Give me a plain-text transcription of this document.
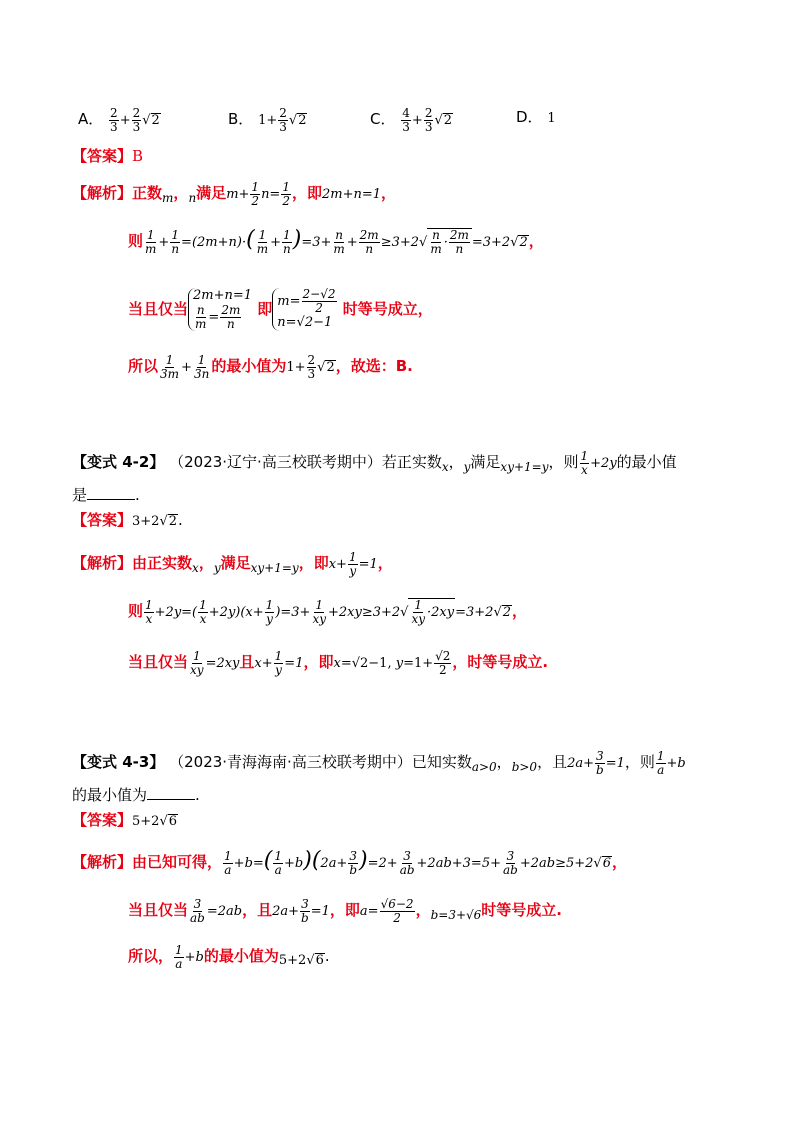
A． $\frac{2}{3} + \frac{2}{3} √2$	B． $1+ \frac{2}{3} √2$	C． $\frac{4}{3} + \frac{2}{3} √2$	D． 1
【答案】B
【解析】正数$_m$，$_n$满足$m+ \frac{1}{2} n= \frac{1}{2}$ ，即2m+n=1，
则 $\frac{1}{m} + \frac{1}{n} =(2m+n)\cdot( \frac{1}{m} + \frac{1}{n} )=3+ \frac{n}{m} + \frac{2m}{n} \ge 3+2√ \frac{n}{m} \cdot \frac{2m}{n} =3+2√2$，
当且仅当
2m+n=1
$\frac{n}{m} = \frac{2m}{n}$ 即 $m= \frac{2-√2}{2}$
n=√2−1
时等号成立，
所以 $\frac{1}{3m} + \frac{1}{3n}$ 的最小值为$1+ \frac{2}{3} √2$，故选：B.
【变式 4-2】 （2023·辽宁·高三校联考期中）若正实数$_x$，$_y$满足$_{xy+1=y}$，则 $\frac{1}{x} +2y$的最小值
是	.
【答案】3+2√2.
【解析】由正实数$_x$，$_y$满足$_{xy+1=y}$，即$x+ \frac{1}{y} =1$，
则 $\frac{1}{x} +2y=( \frac{1}{x} +2y)(x+ \frac{1}{y} )=3+ \frac{1}{xy} +2xy\ge 3+2√ \frac{1}{xy} \cdot 2xy=3+2√2$，
当且仅当 $\frac{1}{xy} =2xy$且$x+ \frac{1}{y} =1$，即x=√2−1, $y=1+ \frac{√2}{2}$ ，时等号成立.
【变式 4-3】 （2023·青海海南·高三校联考期中）已知实数$_{a>0}$，$_{b>0}$，且$2a+ \frac{3}{b} =1$，则 $\frac{1}{a} +b$
的最小值为	.
【答案】5+2√6
【解析】由已知可得， $\frac{1}{a} +b=( \frac{1}{a} +b)(2a+ \frac{3}{b} )=2+ \frac{3}{ab} +2ab+3=5+ \frac{3}{ab} +2ab\ge 5+2√6$，
当且仅当 $\frac{3}{ab} =2ab$，且$2a+ \frac{3}{b} =1$，即$a= \frac{√6-2}{2}$ ，$_{b=3+√6}$时等号成立.
所以， $\frac{1}{a} +b$的最小值为5+2√6.
